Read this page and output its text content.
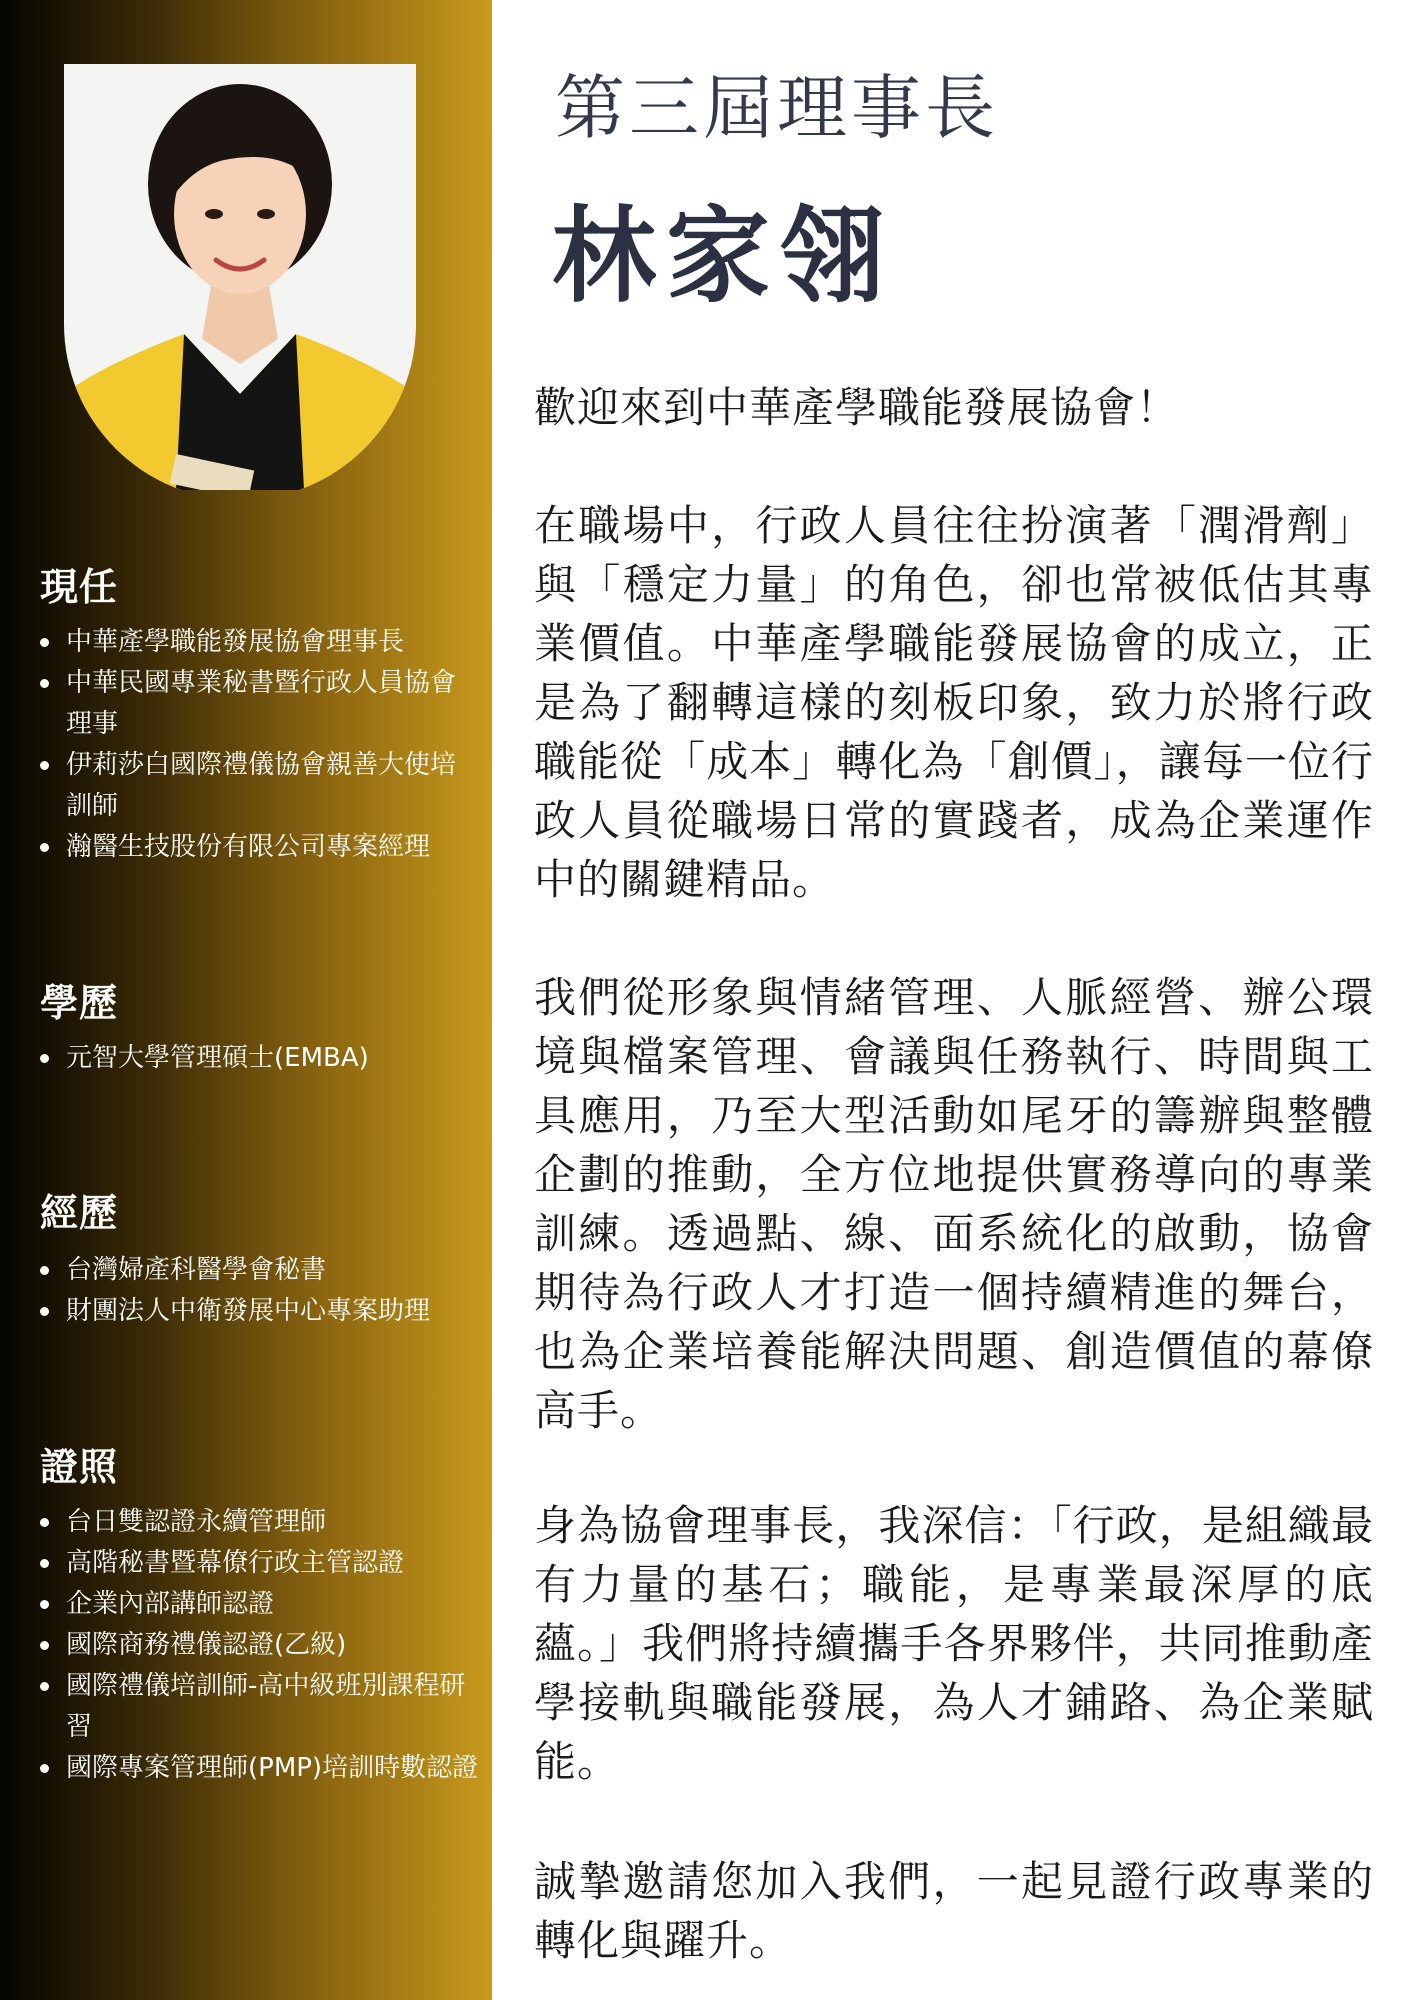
現任
中華產學職能發展協會理事長
中華民國專業秘書暨行政人員協會理事
伊莉莎白國際禮儀協會親善大使培訓師
瀚醫生技股份有限公司專案經理
學歷
元智大學管理碩士(EMBA)
經歷
台灣婦產科醫學會秘書
財團法人中衛發展中心專案助理
證照
台日雙認證永續管理師
高階秘書暨幕僚行政主管認證
企業內部講師認證
國際商務禮儀認證(乙級)
國際禮儀培訓師-高中級班別課程研習
國際專案管理師(PMP)培訓時數認證
第三屆理事長
林家翎

歡迎來到中華產學職能發展協會！

在職場中，行政人員往往扮演著「潤滑劑」與「穩定力量」的角色，卻也常被低估其專業價值。中華產學職能發展協會的成立，正是為了翻轉這樣的刻板印象，致力於將行政職能從「成本」轉化為「創價」，讓每一位行政人員從職場日常的實踐者，成為企業運作中的關鍵精品。

我們從形象與情緒管理、人脈經營、辦公環境與檔案管理、會議與任務執行、時間與工具應用，乃至大型活動如尾牙的籌辦與整體企劃的推動，全方位地提供實務導向的專業訓練。透過點、線、面系統化的啟動，協會期待為行政人才打造一個持續精進的舞台，也為企業培養能解決問題、創造價值的幕僚高手。

身為協會理事長，我深信：「行政，是組織最有力量的基石；職能，是專業最深厚的底蘊。」我們將持續攜手各界夥伴，共同推動產學接軌與職能發展，為人才鋪路、為企業賦能。

誠摯邀請您加入我們，一起見證行政專業的轉化與躍升。
